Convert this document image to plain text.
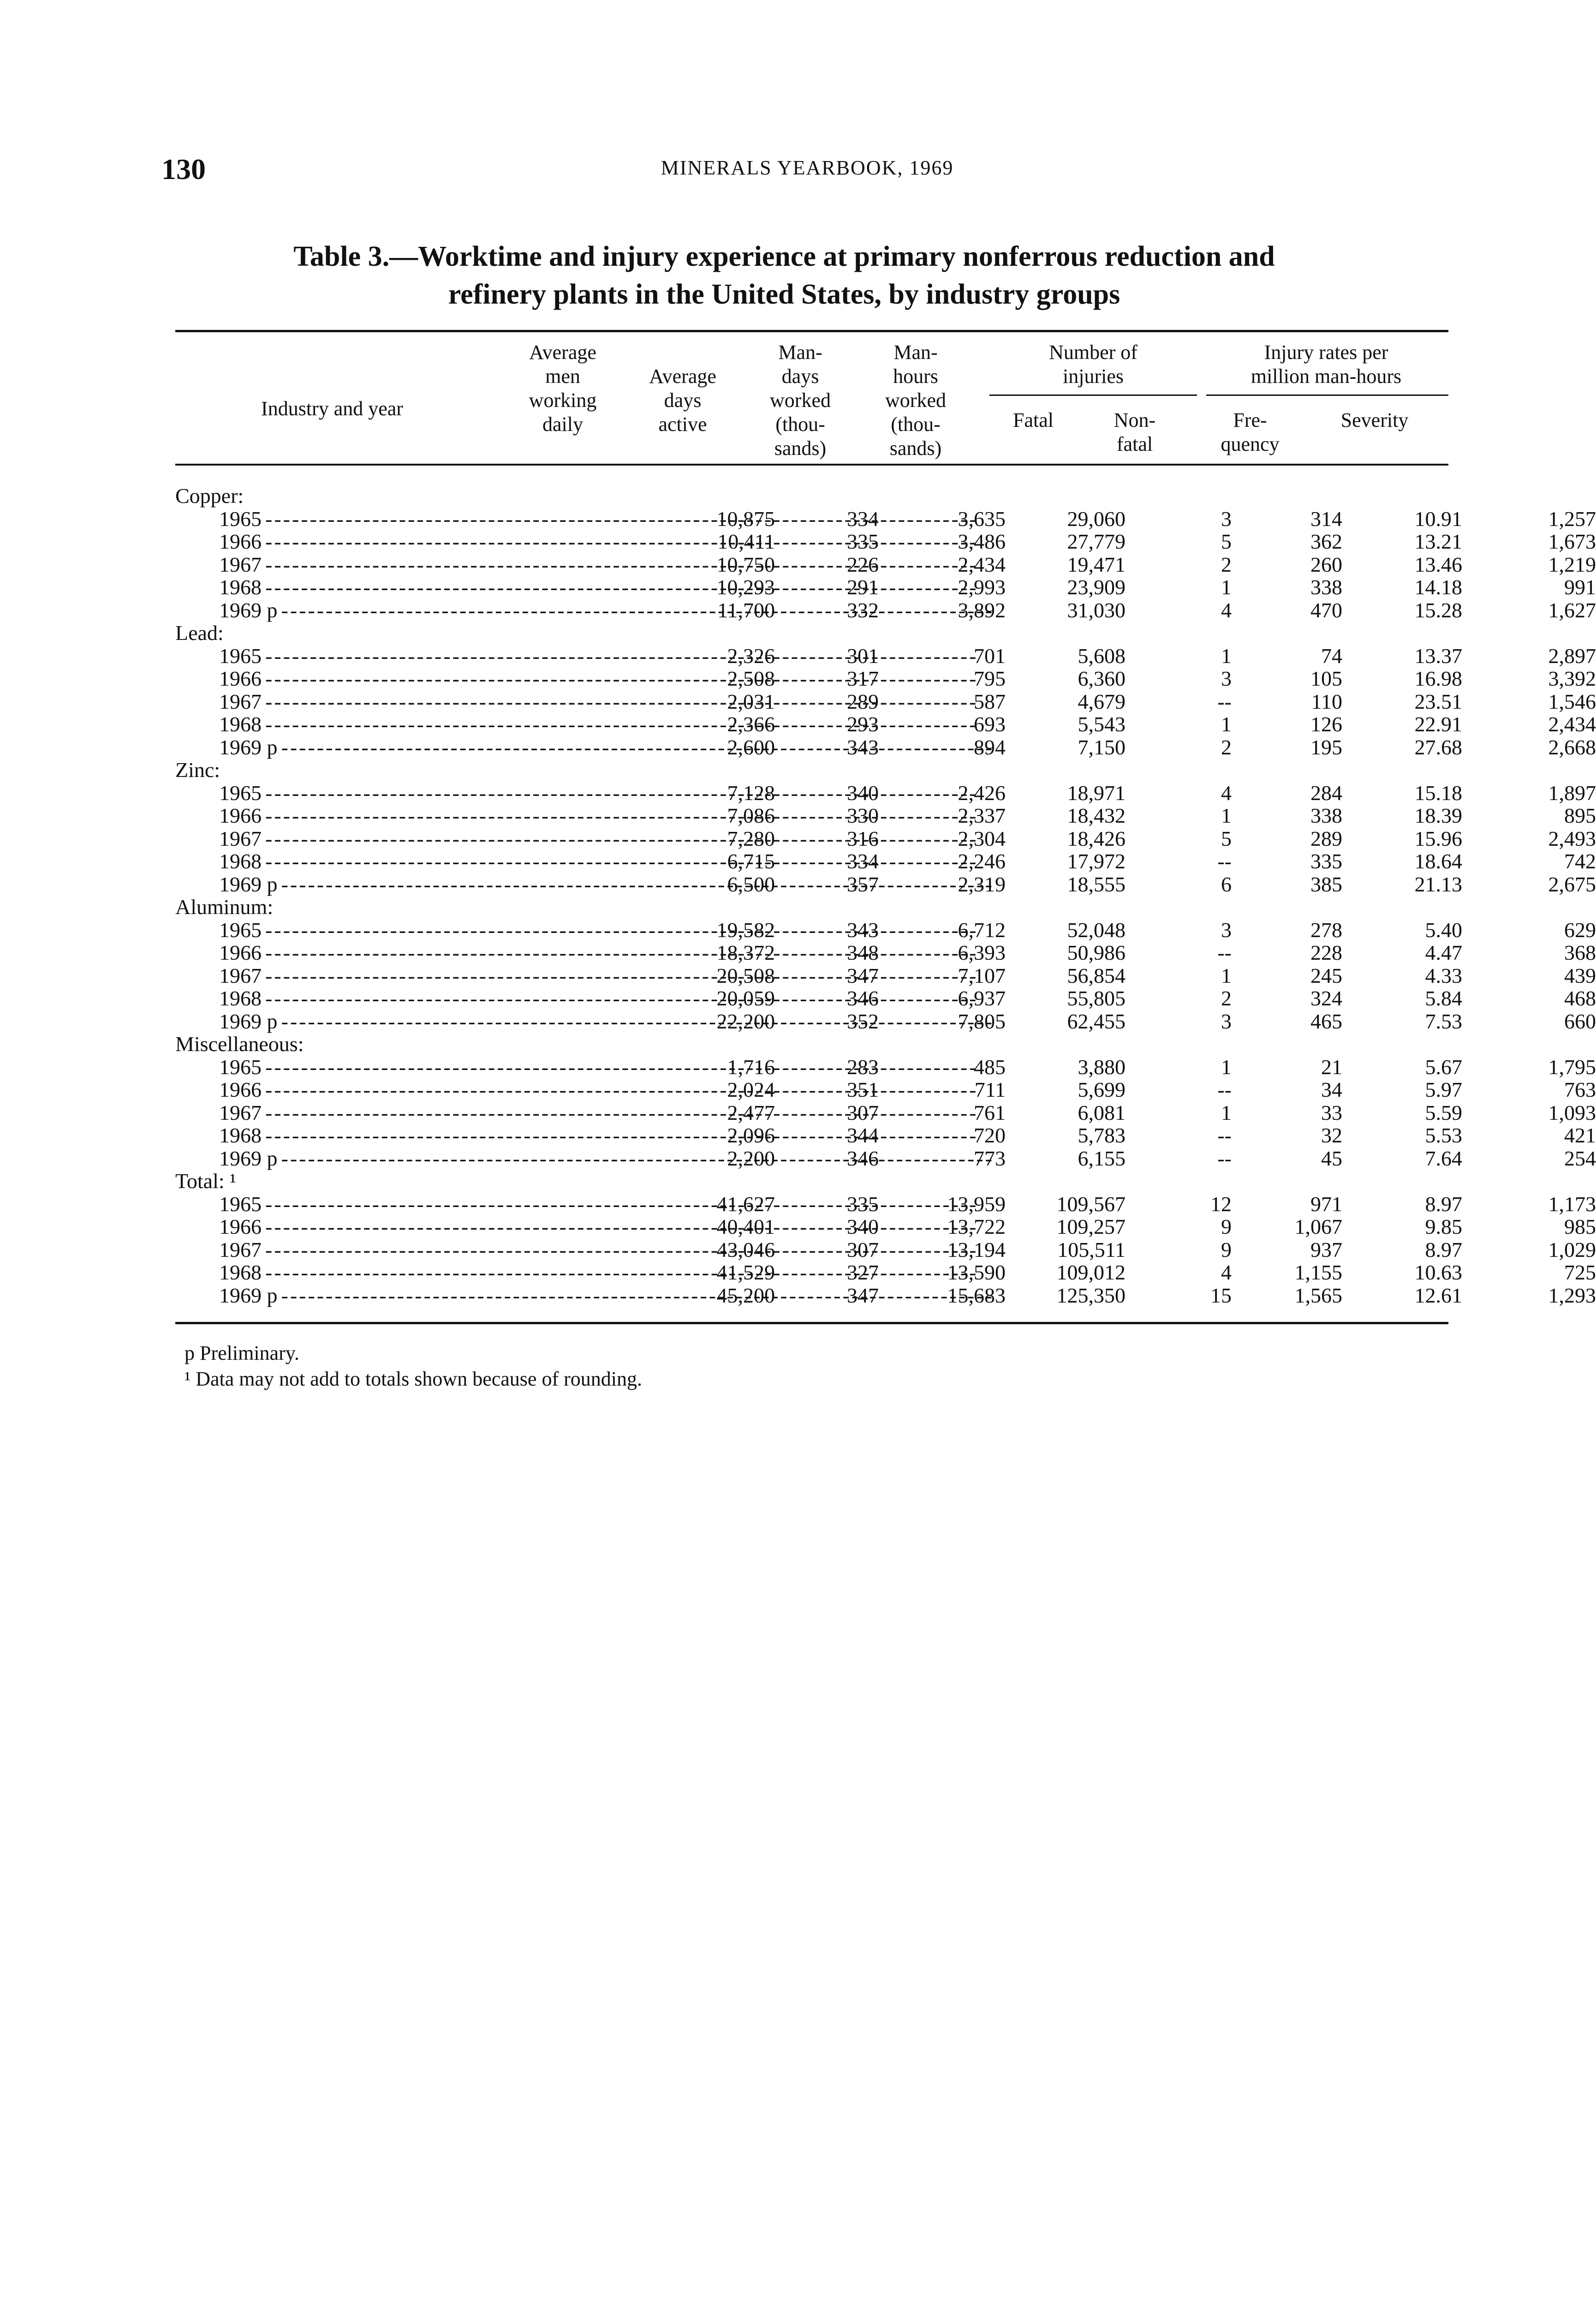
130	MINERALS YEARBOOK, 1969
Table 3.—Worktime and injury experience at primary nonferrous reduction and
refinery plants in the United States, by industry groups
Industry and year
Average
men
working
daily
Average
days
active
Man-
days
worked
(thou-
sands)
Man-
hours
worked
(thou-
sands)
Number of
injuries
Fatal	Non-
fatal
Injury rates per
million man-hours
Fre-
quency
Severity
Copper:
1965 -----	10,875	334	3,635	29,060	3	314	10.91	1,257
1966 -----	10,411	335	3,486	27,779	5	362	13.21	1,673
1967 -----	10,750	226	2,434	19,471	2	260	13.46	1,219
1968 -----	10,293	291	2,993	23,909	1	338	14.18	991
1969 p -----	11,700	332	3,892	31,030	4	470	15.28	1,627
Lead:
1965 -----	2,326	301	701	5,608	1	74	13.37	2,897
1966 -----	2,508	317	795	6,360	3	105	16.98	3,392
1967 -----	2,031	289	587	4,679	--	110	23.51	1,546
1968 -----	2,366	293	693	5,543	1	126	22.91	2,434
1969 p -----	2,600	343	894	7,150	2	195	27.68	2,668
Zinc:
1965 -----	7,128	340	2,426	18,971	4	284	15.18	1,897
1966 -----	7,086	330	2,337	18,432	1	338	18.39	895
1967 -----	7,280	316	2,304	18,426	5	289	15.96	2,493
1968 -----	6,715	334	2,246	17,972	--	335	18.64	742
1969 p -----	6,500	357	2,319	18,555	6	385	21.13	2,675
Aluminum:
1965 -----	19,582	343	6,712	52,048	3	278	5.40	629
1966 -----	18,372	348	6,393	50,986	--	228	4.47	368
1967 -----	20,508	347	7,107	56,854	1	245	4.33	439
1968 -----	20,059	346	6,937	55,805	2	324	5.84	468
1969 p -----	22,200	352	7,805	62,455	3	465	7.53	660
Miscellaneous:
1965 -----	1,716	283	485	3,880	1	21	5.67	1,795
1966 -----	2,024	351	711	5,699	--	34	5.97	763
1967 -----	2,477	307	761	6,081	1	33	5.59	1,093
1968 -----	2,096	344	720	5,783	--	32	5.53	421
1969 p -----	2,200	346	773	6,155	--	45	7.64	254
Total: ¹
1965 -----	41,627	335	13,959 109,567	12	971	8.97	1,173
1966 -----	40,401	340	13,722 109,257	9	1,067	9.85	985
1967 -----	43,046	307	13,194 105,511	9	937	8.97	1,029
1968 -----	41,529	327	13,590 109,012	4	1,155	10.63	725
1969 p -----	45,200	347	15,683 125,350	15	1,565	12.61	1,293
p Preliminary.
¹ Data may not add to totals shown because of rounding.
